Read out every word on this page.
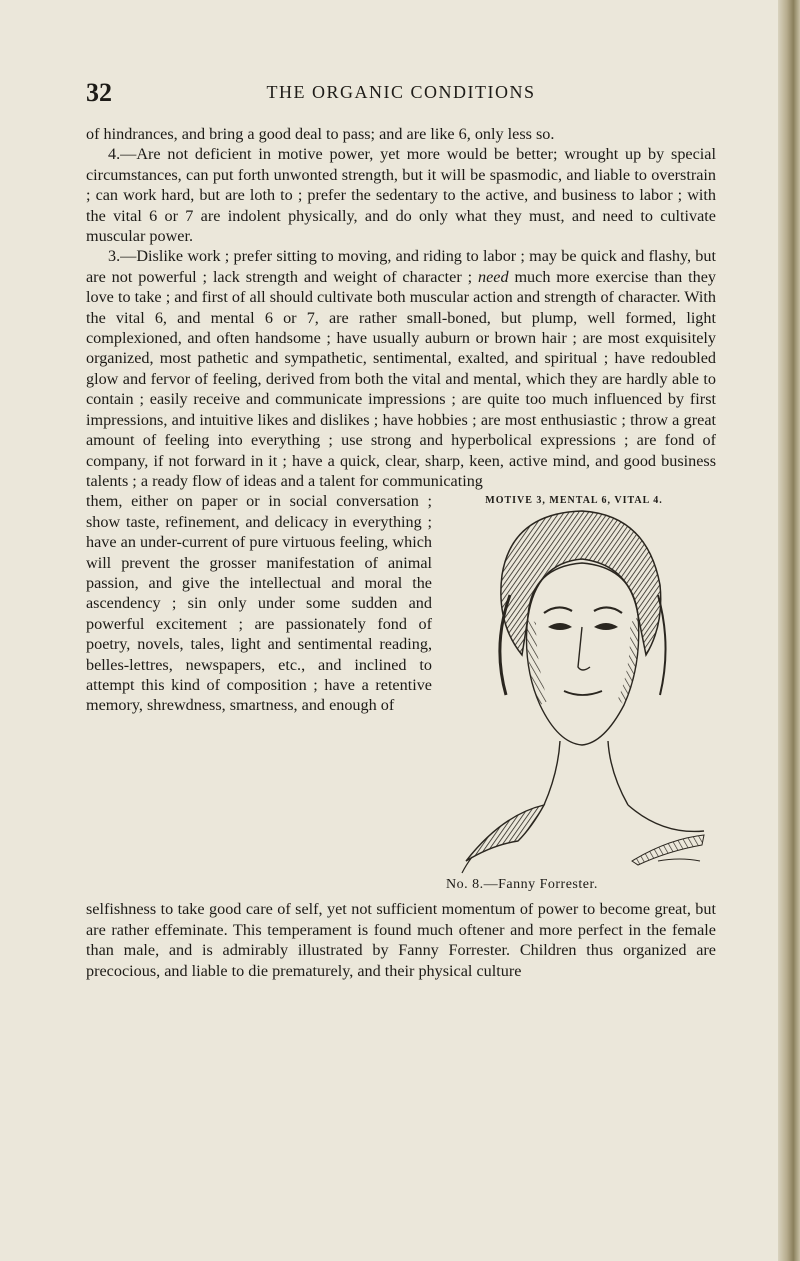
32	THE ORGANIC CONDITIONS

of hindrances, and bring a good deal to pass; and are like 6, only less so.

4.—Are not deficient in motive power, yet more would be better; wrought up by special circumstances, can put forth unwonted strength, but it will be spasmodic, and liable to overstrain ; can work hard, but are loth to ; prefer the sedentary to the active, and business to labor ; with the vital 6 or 7 are indolent physically, and do only what they must, and need to cultivate muscular power.

3.—Dislike work ; prefer sitting to moving, and riding to labor ; may be quick and flashy, but are not powerful ; lack strength and weight of character ; need much more exercise than they love to take ; and first of all should cultivate both muscular action and strength of character. With the vital 6, and mental 6 or 7, are rather small-boned, but plump, well formed, light complexioned, and often handsome ; have usually auburn or brown hair ; are most exquisitely organized, most pathetic and sympathetic, sentimental, exalted, and spiritual ; have redoubled glow and fervor of feeling, derived from both the vital and mental, which they are hardly able to contain ; easily receive and communicate impressions ; are quite too much influenced by first impressions, and intuitive likes and dislikes ; have hobbies ; are most enthusiastic ; throw a great amount of feeling into everything ; use strong and hyperbolical expressions ; are fond of company, if not forward in it ; have a quick, clear, sharp, keen, active mind, and good business talents ; a ready flow of ideas and a talent for communicating

them, either on paper or in social conversation ; show taste, refinement, and delicacy in everything ; have an under-current of pure virtuous feeling, which will prevent the grosser manifestation of animal passion, and give the intellectual and moral the ascendency ; sin only under some sudden and powerful excitement ; are passionately fond of poetry, novels, tales, light and sentimental reading, belles-lettres, newspapers, etc., and inclined to attempt this kind of composition ; have a retentive memory, shrewdness, smartness, and enough of
MOTIVE 3, MENTAL 6, VITAL 4.
No. 8.—Fanny Forrester.

selfishness to take good care of self, yet not sufficient momentum of power to become great, but are rather effeminate. This temperament is found much oftener and more perfect in the female than male, and is admirably illustrated by Fanny Forrester. Children thus organized are precocious, and liable to die prematurely, and their physical culture
